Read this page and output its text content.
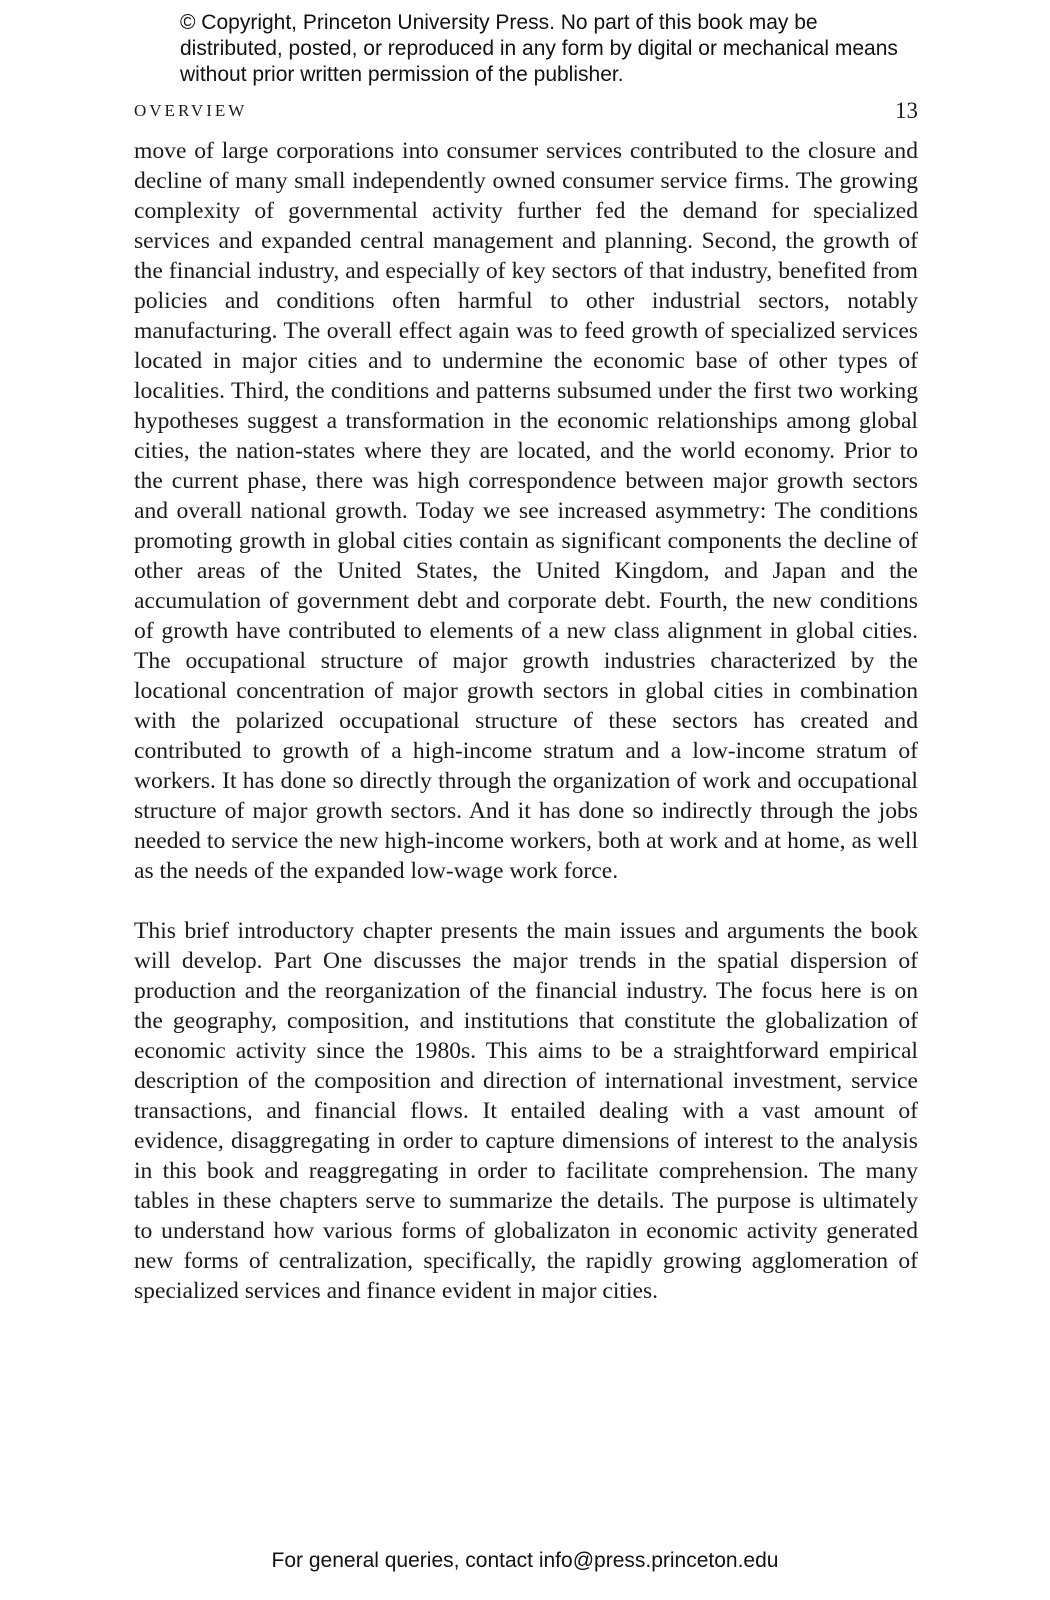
© Copyright, Princeton University Press. No part of this book may be distributed, posted, or reproduced in any form by digital or mechanical means without prior written permission of the publisher.
OVERVIEW	13

move of large corporations into consumer services contributed to the closure and decline of many small independently owned consumer service firms. The growing complexity of governmental activity further fed the demand for specialized services and expanded central management and planning. Second, the growth of the financial industry, and especially of key sectors of that industry, benefited from policies and conditions often harmful to other industrial sectors, notably manufacturing. The overall effect again was to feed growth of specialized services located in major cities and to undermine the economic base of other types of localities. Third, the conditions and patterns subsumed under the first two working hypotheses suggest a transformation in the economic relationships among global cities, the nation-states where they are located, and the world economy. Prior to the current phase, there was high correspondence between major growth sectors and overall national growth. Today we see increased asymmetry: The conditions promoting growth in global cities contain as significant components the decline of other areas of the United States, the United Kingdom, and Japan and the accumulation of government debt and corporate debt. Fourth, the new conditions of growth have contributed to elements of a new class alignment in global cities. The occupational structure of major growth industries characterized by the locational concentration of major growth sectors in global cities in combination with the polarized occupational structure of these sectors has created and contributed to growth of a high-income stratum and a low-income stratum of workers. It has done so directly through the organization of work and occupational structure of major growth sectors. And it has done so indirectly through the jobs needed to service the new high-income workers, both at work and at home, as well as the needs of the expanded low-wage work force.

This brief introductory chapter presents the main issues and arguments the book will develop. Part One discusses the major trends in the spatial dispersion of production and the reorganization of the financial industry. The focus here is on the geography, composition, and institutions that constitute the globalization of economic activity since the 1980s. This aims to be a straightforward empirical description of the composition and direction of international investment, service transactions, and financial flows. It entailed dealing with a vast amount of evidence, disaggregating in order to capture dimensions of interest to the analysis in this book and reaggregating in order to facilitate comprehension. The many tables in these chapters serve to summarize the details. The purpose is ultimately to understand how various forms of globalizaton in economic activity generated new forms of centralization, specifically, the rapidly growing agglomeration of specialized services and finance evident in major cities.

For general queries, contact info@press.princeton.edu
